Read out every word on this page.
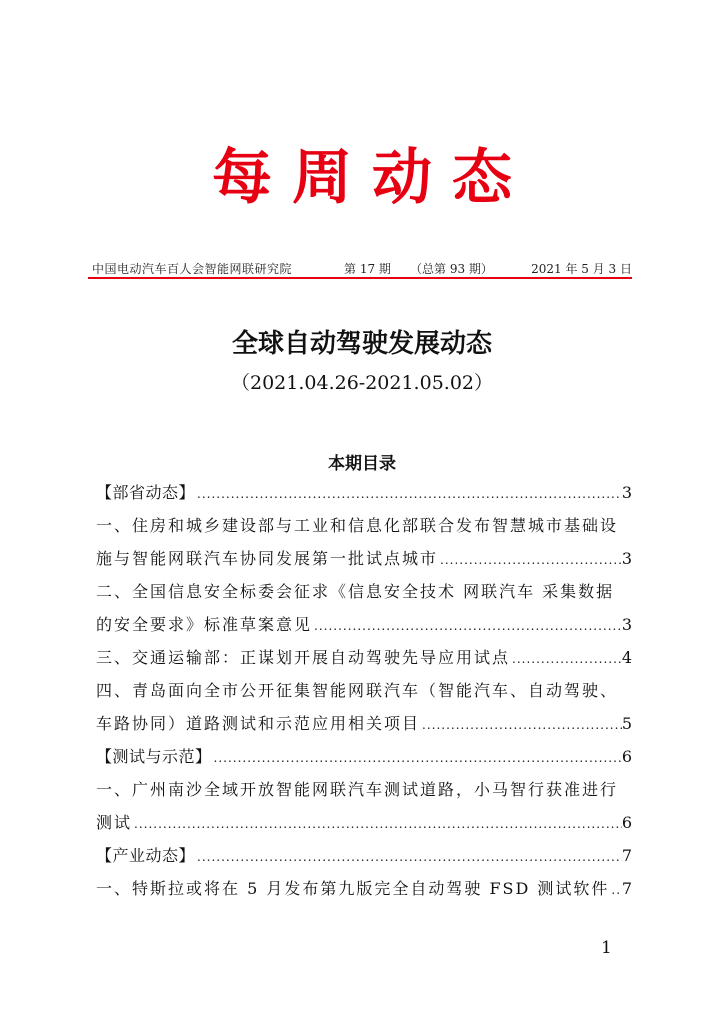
每周动态
中国电动汽车百人会智能网联研究院	第 17 期 （总第 93 期）	2021 年 5 月 3 日
全球自动驾驶发展动态
（2021.04.26-2021.05.02）
本期目录
【部省动态】 .....	3
一、住房和城乡建设部与工业和信息化部联合发布智慧城市基础设
施与智能网联汽车协同发展第一批试点城市 .....	3
二、全国信息安全标委会征求《信息安全技术 网联汽车 采集数据
的安全要求》标准草案意见 .....	3
三、交通运输部：正谋划开展自动驾驶先导应用试点 .....	4
四、青岛面向全市公开征集智能网联汽车（智能汽车、自动驾驶、
车路协同）道路测试和示范应用相关项目 .....	5
【测试与示范】 .....	6
一、广州南沙全域开放智能网联汽车测试道路，小马智行获准进行
测试 .....	6
【产业动态】 .....	7
一、特斯拉或将在 5 月发布第九版完全自动驾驶 FSD 测试软件 ..... 7
1
